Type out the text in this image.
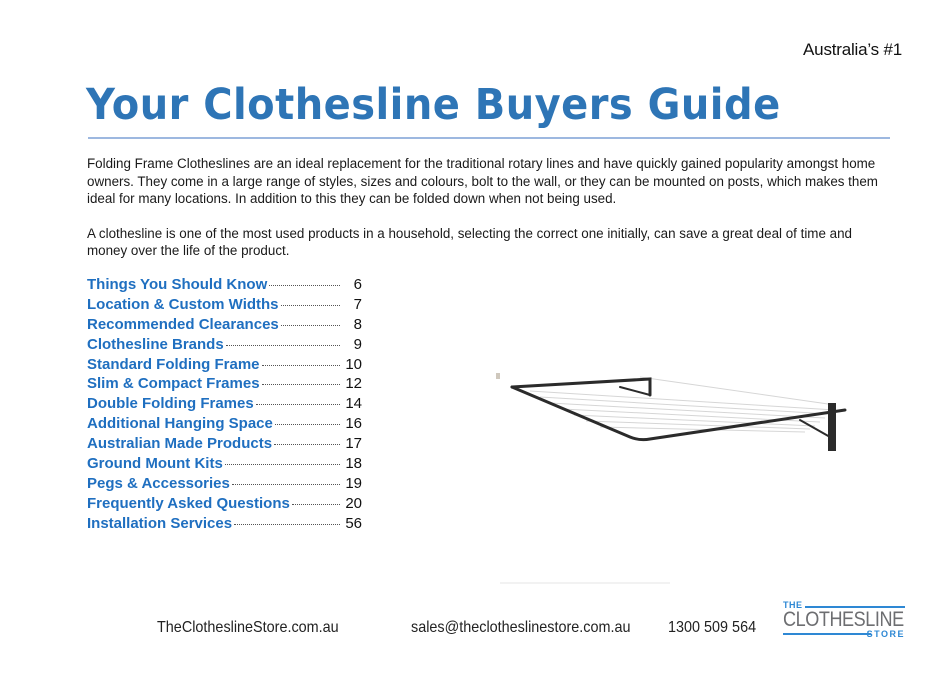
Australia’s #1
Your Clothesline Buyers Guide

Folding Frame Clotheslines are an ideal replacement for the traditional rotary lines and have quickly gained popularity amongst home owners. They come in a large range of styles, sizes and colours, bolt to the wall, or they can be mounted on posts, which makes them ideal for many locations. In addition to this they can be folded down when not being used.

A clothesline is one of the most used products in a household, selecting the correct one initially, can save a great deal of time and money over the life of the product.

Things You Should Know	6
Location & Custom Widths	7
Recommended Clearances	8
Clothesline Brands	9
Standard Folding Frame	10
Slim & Compact Frames	12
Double Folding Frames	14
Additional Hanging Space	16
Australian Made Products	17
Ground Mount Kits	18
Pegs & Accessories	19
Frequently Asked Questions	20
Installation Services	56
TheClotheslineStore.com.au	sales@theclotheslinestore.com.au 1300 509 564
THE
CLOTHESLINE
STORE
